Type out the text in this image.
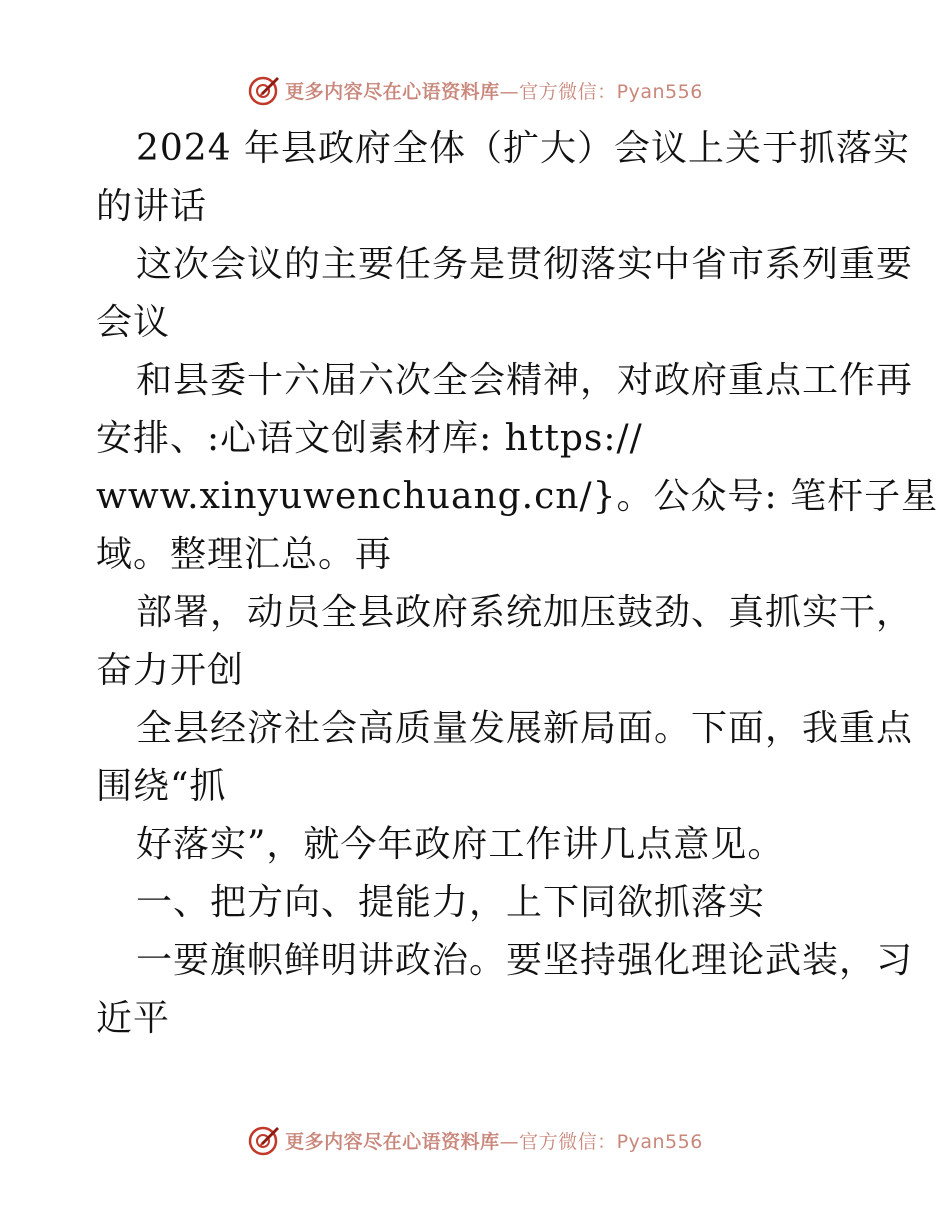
更多内容尽在心语资料库—官方微信：Pyan556

2024 年县政府全体（扩大）会议上关于抓落实

的讲话

这次会议的主要任务是贯彻落实中省市系列重要

会议

和县委十六届六次全会精神，对政府重点工作再

安排、:心语文创素材库: https://

www.xinyuwenchuang.cn/}。公众号: 笔杆子星

域。整理汇总。再

部署，动员全县政府系统加压鼓劲、真抓实干，

奋力开创

全县经济社会高质量发展新局面。下面，我重点

围绕“抓

好落实”，就今年政府工作讲几点意见。

一、把方向、提能力，上下同欲抓落实

一要旗帜鲜明讲政治。要坚持强化理论武装，习

近平

更多内容尽在心语资料库—官方微信：Pyan556
